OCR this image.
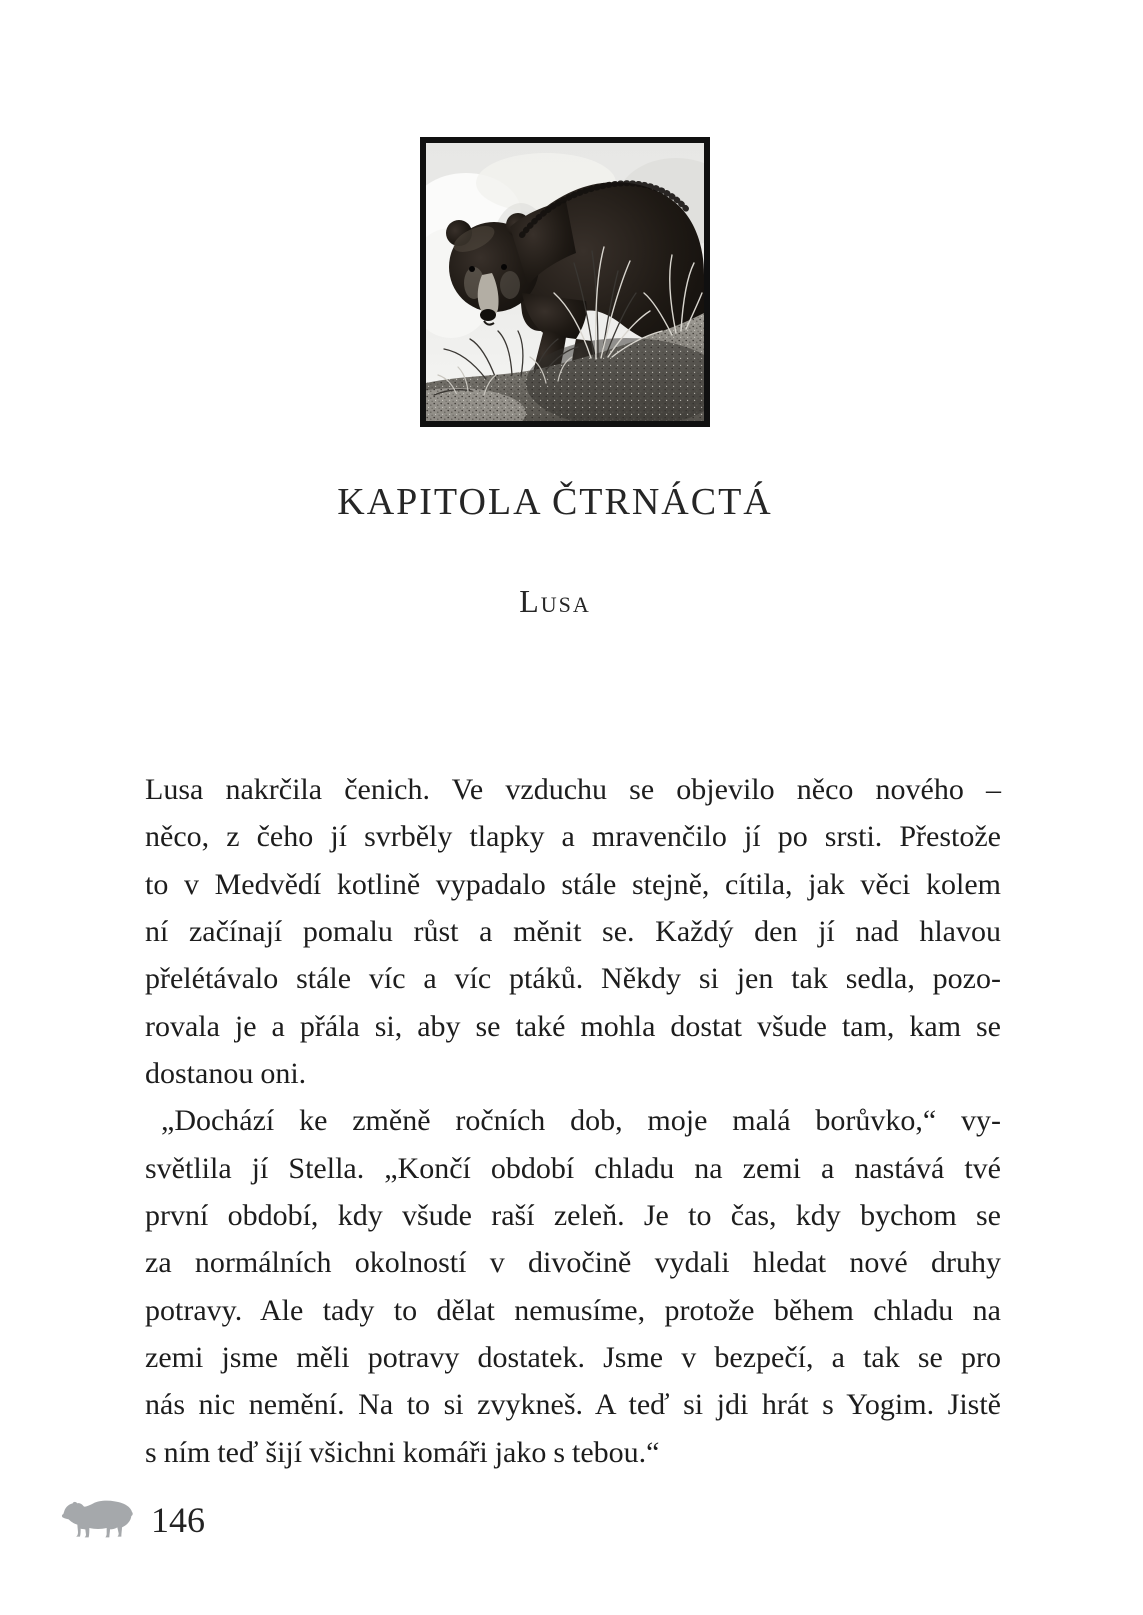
KAPITOLA ČTRNÁCTÁ
Lusa
Lusa nakrčila čenich. Ve vzduchu se objevilo něco nového –
něco, z čeho jí svrběly tlapky a mravenčilo jí po srsti. Přestože
to v Medvědí kotlině vypadalo stále stejně, cítila, jak věci kolem
ní začínají pomalu růst a měnit se. Každý den jí nad hlavou
přelétávalo stále víc a víc ptáků. Někdy si jen tak sedla, pozo-
rovala je a přála si, aby se také mohla dostat všude tam, kam se
dostanou oni.
„Dochází ke změně ročních dob, moje malá borůvko,“ vy-
světlila jí Stella. „Končí období chladu na zemi a nastává tvé
první období, kdy všude raší zeleň. Je to čas, kdy bychom se
za normálních okolností v divočině vydali hledat nové druhy
potravy. Ale tady to dělat nemusíme, protože během chladu na
zemi jsme měli potravy dostatek. Jsme v bezpečí, a tak se pro
nás nic nemění. Na to si zvykneš. A teď si jdi hrát s Yogim. Jistě
s ním teď šijí všichni komáři jako s tebou.“
146
